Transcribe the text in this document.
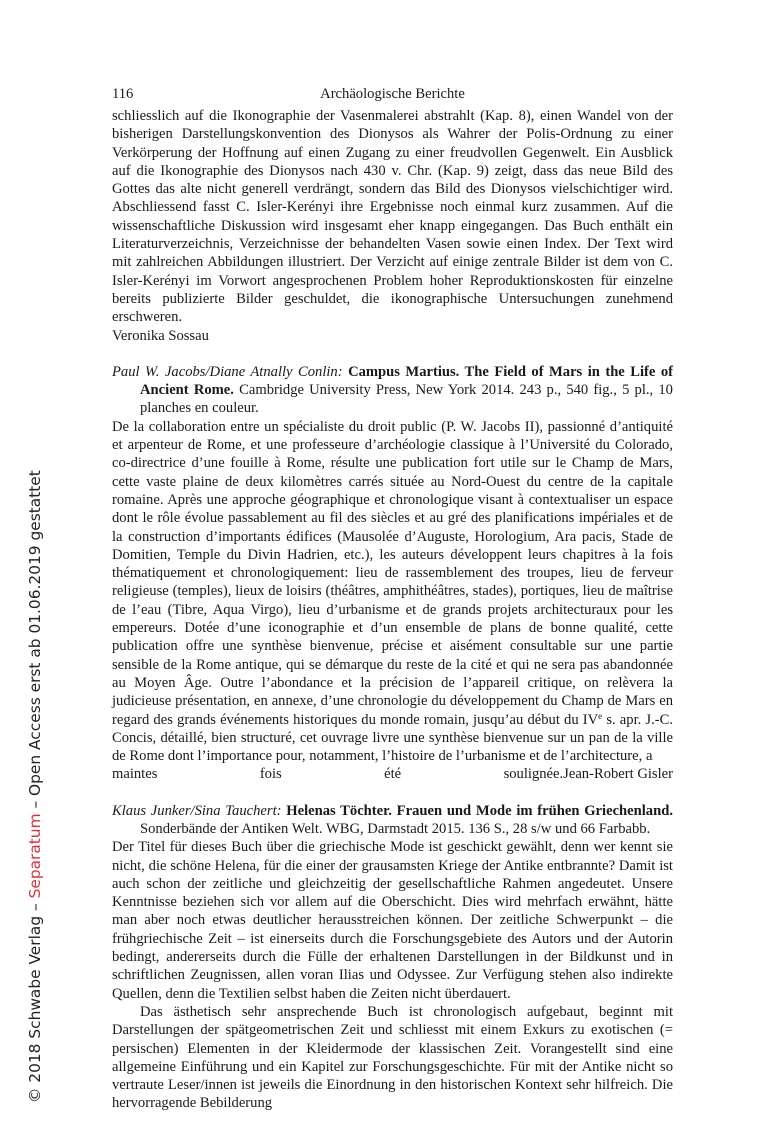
© 2018 Schwabe Verlag – Separatum – Open Access erst ab 01.06.2019 gestattet
116	Archäologische Berichte

schliesslich auf die Ikonographie der Vasenmalerei abstrahlt (Kap. 8), einen Wandel von der bisherigen Darstellungskonvention des Dionysos als Wahrer der Polis-Ordnung zu einer Verkörperung der Hoffnung auf einen Zugang zu einer freudvollen Gegenwelt. Ein Ausblick auf die Ikonographie des Dionysos nach 430 v. Chr. (Kap. 9) zeigt, dass das neue Bild des Gottes das alte nicht generell verdrängt, sondern das Bild des Dionysos vielschichtiger wird. Abschliessend fasst C. Isler-Kerényi ihre Ergebnisse noch einmal kurz zusammen. Auf die wissenschaftliche Diskussion wird insgesamt eher knapp eingegangen. Das Buch enthält ein Literaturverzeichnis, Verzeichnisse der behandelten Vasen sowie einen Index. Der Text wird mit zahlreichen Abbildungen illustriert. Der Verzicht auf einige zentrale Bilder ist dem von C. Isler-Kerényi im Vorwort angesprochenen Problem hoher Reproduktionskosten für einzelne bereits publizierte Bilder geschuldet, die ikonographische Untersuchungen zunehmend erschweren.

Veronika Sossau

Paul W. Jacobs/Diane Atnally Conlin: Campus Martius. The Field of Mars in the Life of Ancient Rome. Cambridge University Press, New York 2014. 243 p., 540 fig., 5 pl., 10 planches en couleur.

De la collaboration entre un spécialiste du droit public (P. W. Jacobs II), passionné d’antiquité et arpenteur de Rome, et une professeure d’archéologie classique à l’Université du Colorado, co-directrice d’une fouille à Rome, résulte une publication fort utile sur le Champ de Mars, cette vaste plaine de deux kilomètres carrés située au Nord-Ouest du centre de la capitale romaine. Après une approche géographique et chronologique visant à contextualiser un espace dont le rôle évolue passablement au fil des siècles et au gré des planifications impériales et de la construction d’importants édifices (Mausolée d’Auguste, Horologium, Ara pacis, Stade de Domitien, Temple du Divin Hadrien, etc.), les auteurs développent leurs chapitres à la fois thématiquement et chronologiquement: lieu de rassemblement des troupes, lieu de ferveur religieuse (temples), lieux de loisirs (théâtres, amphithéâtres, stades), portiques, lieu de maîtrise de l’eau (Tibre, Aqua Virgo), lieu d’urbanisme et de grands projets architecturaux pour les empereurs. Dotée d’une iconographie et d’un ensemble de plans de bonne qualité, cette publication offre une synthèse bienvenue, précise et aisément consultable sur une partie sensible de la Rome antique, qui se démarque du reste de la cité et qui ne sera pas abandonnée au Moyen Âge. Outre l’abondance et la précision de l’appareil critique, on relèvera la judicieuse présentation, en annexe, d’une chronologie du développement du Champ de Mars en regard des grands événements historiques du monde romain, jusqu’au début du IVe s. apr. J.-C. Concis, détaillé, bien structuré, cet ouvrage livre une synthèse bienvenue sur un pan de la ville de Rome dont l’importance pour, notamment, l’histoire de l’urbanisme et de l’architecture, a

maintes fois été soulignée. Jean-Robert Gisler

Klaus Junker/Sina Tauchert: Helenas Töchter. Frauen und Mode im frühen Griechenland. Sonderbände der Antiken Welt. WBG, Darmstadt 2015. 136 S., 28 s/w und 66 Farbabb.

Der Titel für dieses Buch über die griechische Mode ist geschickt gewählt, denn wer kennt sie nicht, die schöne Helena, für die einer der grausamsten Kriege der Antike entbrannte? Damit ist auch schon der zeitliche und gleichzeitig der gesellschaftliche Rahmen angedeutet. Unsere Kenntnisse beziehen sich vor allem auf die Oberschicht. Dies wird mehrfach erwähnt, hätte man aber noch etwas deutlicher herausstreichen können. Der zeitliche Schwerpunkt – die frühgriechische Zeit – ist einerseits durch die Forschungsgebiete des Autors und der Autorin bedingt, andererseits durch die Fülle der erhaltenen Darstellungen in der Bildkunst und in schriftlichen Zeugnissen, allen voran Ilias und Odyssee. Zur Verfügung stehen also indirekte Quellen, denn die Textilien selbst haben die Zeiten nicht überdauert.

Das ästhetisch sehr ansprechende Buch ist chronologisch aufgebaut, beginnt mit Darstellungen der spätgeometrischen Zeit und schliesst mit einem Exkurs zu exotischen (= persischen) Elementen in der Kleidermode der klassischen Zeit. Vorangestellt sind eine allgemeine Einführung und ein Kapitel zur Forschungsgeschichte. Für mit der Antike nicht so vertraute Leser/innen ist jeweils die Einordnung in den historischen Kontext sehr hilfreich. Die hervorragende Bebilderung
